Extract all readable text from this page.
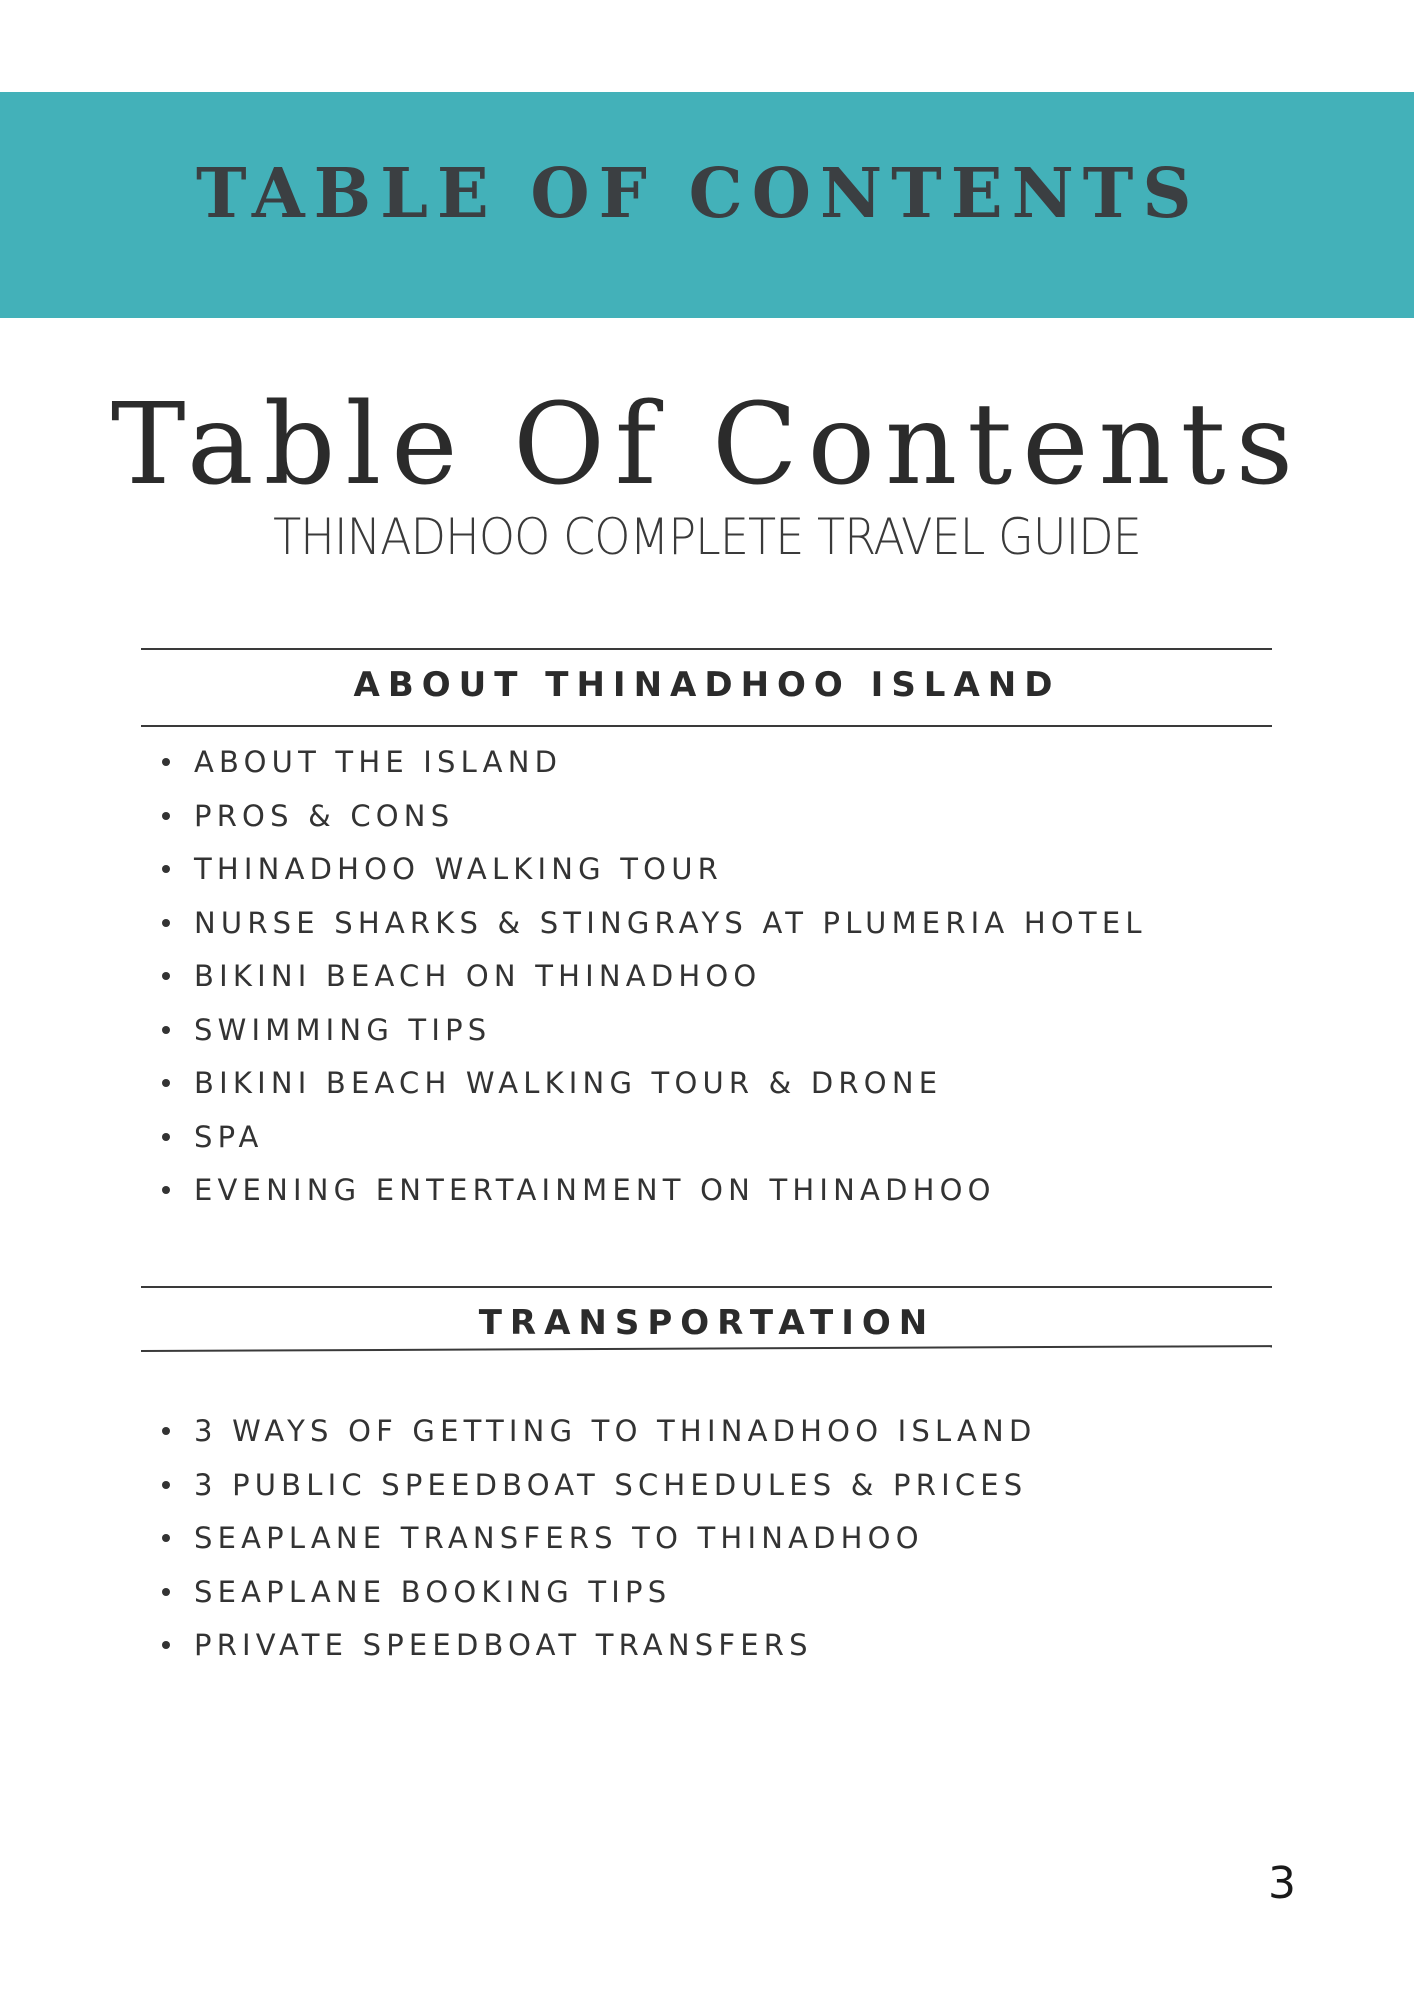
TABLE OF CONTENTS
Table Of Contents
THINADHOO COMPLETE TRAVEL GUIDE
ABOUT THINADHOO ISLAND
ABOUT THE ISLAND
PROS & CONS
THINADHOO WALKING TOUR
NURSE SHARKS & STINGRAYS AT PLUMERIA HOTEL
BIKINI BEACH ON THINADHOO
SWIMMING TIPS
BIKINI BEACH WALKING TOUR & DRONE
SPA
EVENING ENTERTAINMENT ON THINADHOO
TRANSPORTATION
3 WAYS OF GETTING TO THINADHOO ISLAND
3 PUBLIC SPEEDBOAT SCHEDULES & PRICES
SEAPLANE TRANSFERS TO THINADHOO
SEAPLANE BOOKING TIPS
PRIVATE SPEEDBOAT TRANSFERS
3
